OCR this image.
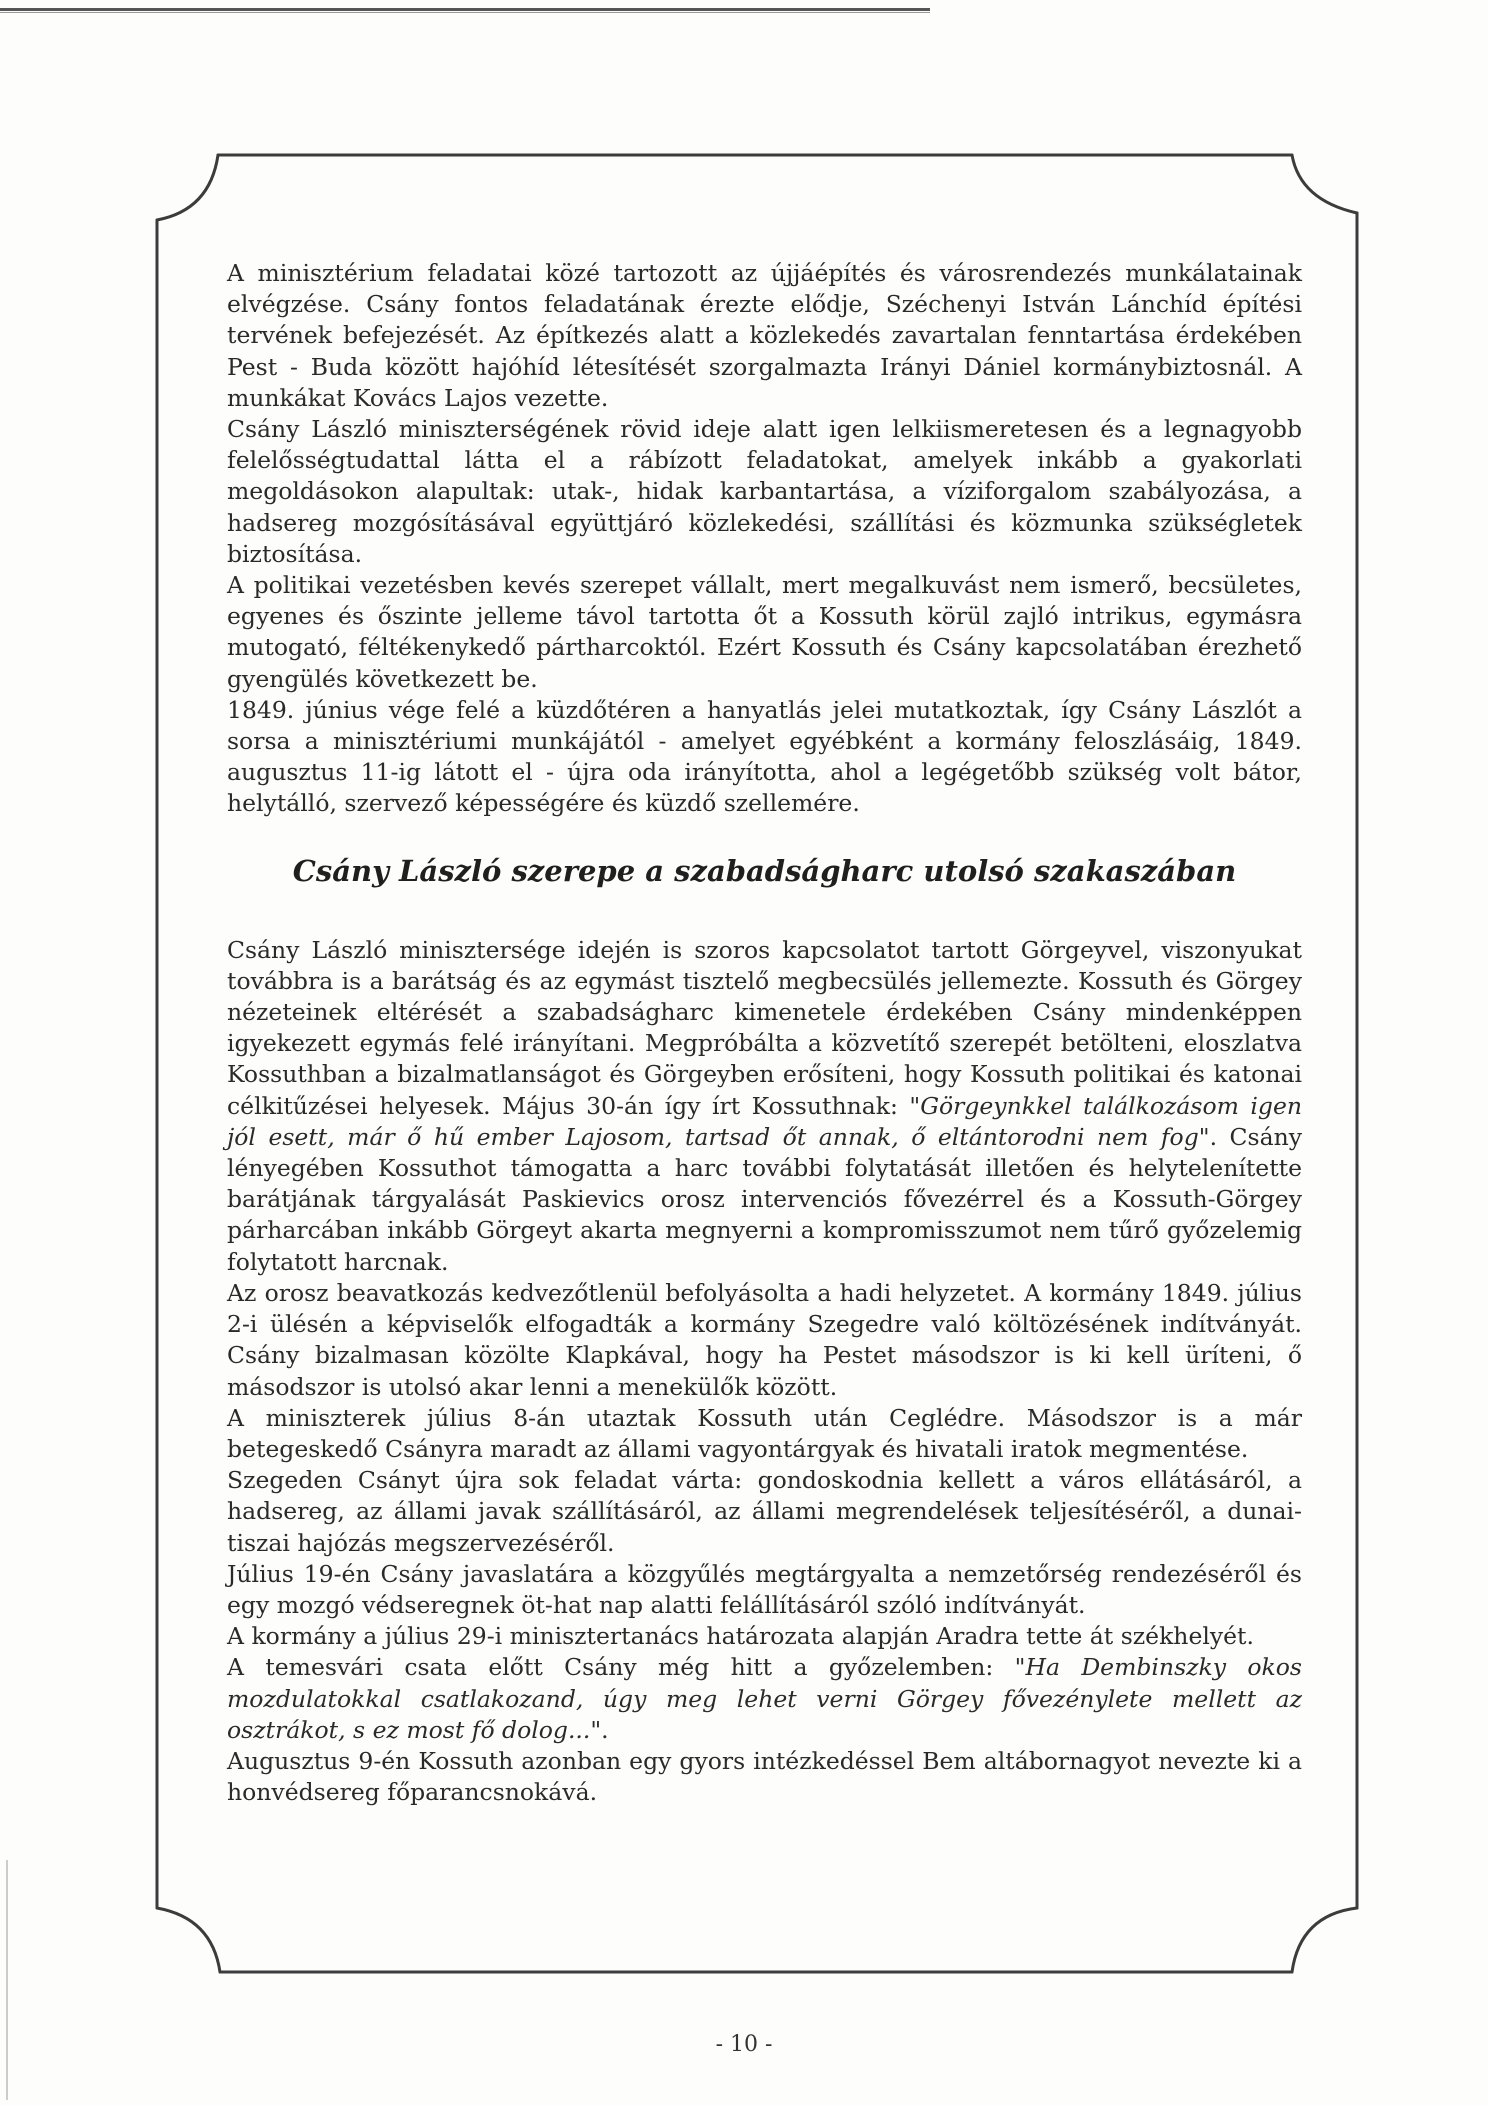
A minisztérium feladatai közé tartozott az újjáépítés és városrendezés munkálatainak elvégzése. Csány fontos feladatának érezte elődje, Széchenyi István Lánchíd építési tervének befejezését. Az építkezés alatt a közlekedés zavartalan fenntartása érdekében Pest - Buda között hajóhíd létesítését szorgalmazta Irányi Dániel kormánybiztosnál. A munkákat Kovács Lajos vezette.

Csány László miniszterségének rövid ideje alatt igen lelkiismeretesen és a legnagyobb felelősségtudattal látta el a rábízott feladatokat, amelyek inkább a gyakorlati megoldásokon alapultak: utak-, hidak karbantartása, a víziforgalom szabályozása, a hadsereg mozgósításával együttjáró közlekedési, szállítási és közmunka szükségletek biztosítása.

A politikai vezetésben kevés szerepet vállalt, mert megalkuvást nem ismerő, becsületes, egyenes és őszinte jelleme távol tartotta őt a Kossuth körül zajló intrikus, egymásra mutogató, féltékenykedő pártharcoktól. Ezért Kossuth és Csány kapcsolatában érezhető gyengülés következett be.

1849. június vége felé a küzdőtéren a hanyatlás jelei mutatkoztak, így Csány Lászlót a sorsa a minisztériumi munkájától - amelyet egyébként a kormány feloszlásáig, 1849. augusztus 11-ig látott el - újra oda irányította, ahol a legégetőbb szükség volt bátor, helytálló, szervező képességére és küzdő szellemére.

Csány László szerepe a szabadságharc utolsó szakaszában

Csány László minisztersége idején is szoros kapcsolatot tartott Görgeyvel, viszonyukat továbbra is a barátság és az egymást tisztelő megbecsülés jellemezte. Kossuth és Görgey nézeteinek eltérését a szabadságharc kimenetele érdekében Csány mindenképpen igyekezett egymás felé irányítani. Megpróbálta a közvetítő szerepét betölteni, eloszlatva Kossuthban a bizalmatlanságot és Görgeyben erősíteni, hogy Kossuth politikai és katonai célkitűzései helyesek. Május 30-án így írt Kossuthnak: "Görgeynkkel találkozásom igen jól esett, már ő hű ember Lajosom, tartsad őt annak, ő eltántorodni nem fog". Csány lényegében Kossuthot támogatta a harc további folytatását illetően és helytelenítette barátjának tárgyalását Paskievics orosz intervenciós fővezérrel és a Kossuth-Görgey párharcában inkább Görgeyt akarta megnyerni a kompromisszumot nem tűrő győzelemig folytatott harcnak.

Az orosz beavatkozás kedvezőtlenül befolyásolta a hadi helyzetet. A kormány 1849. július 2-i ülésén a képviselők elfogadták a kormány Szegedre való költözésének indítványát. Csány bizalmasan közölte Klapkával, hogy ha Pestet másodszor is ki kell üríteni, ő másodszor is utolsó akar lenni a menekülők között.

A miniszterek július 8-án utaztak Kossuth után Ceglédre. Másodszor is a már betegeskedő Csányra maradt az állami vagyontárgyak és hivatali iratok megmentése.

Szegeden Csányt újra sok feladat várta: gondoskodnia kellett a város ellátásáról, a hadsereg, az állami javak szállításáról, az állami megrendelések teljesítéséről, a dunai-tiszai hajózás megszervezéséről.

Július 19-én Csány javaslatára a közgyűlés megtárgyalta a nemzetőrség rendezéséről és egy mozgó védseregnek öt-hat nap alatti felállításáról szóló indítványát.

A kormány a július 29-i minisztertanács határozata alapján Aradra tette át székhelyét.

A temesvári csata előtt Csány még hitt a győzelemben: "Ha Dembinszky okos mozdulatokkal csatlakozand, úgy meg lehet verni Görgey fővezénylete mellett az osztrákot, s ez most fő dolog...".

Augusztus 9-én Kossuth azonban egy gyors intézkedéssel Bem altábornagyot nevezte ki a honvédsereg főparancsnokává.

- 10 -
